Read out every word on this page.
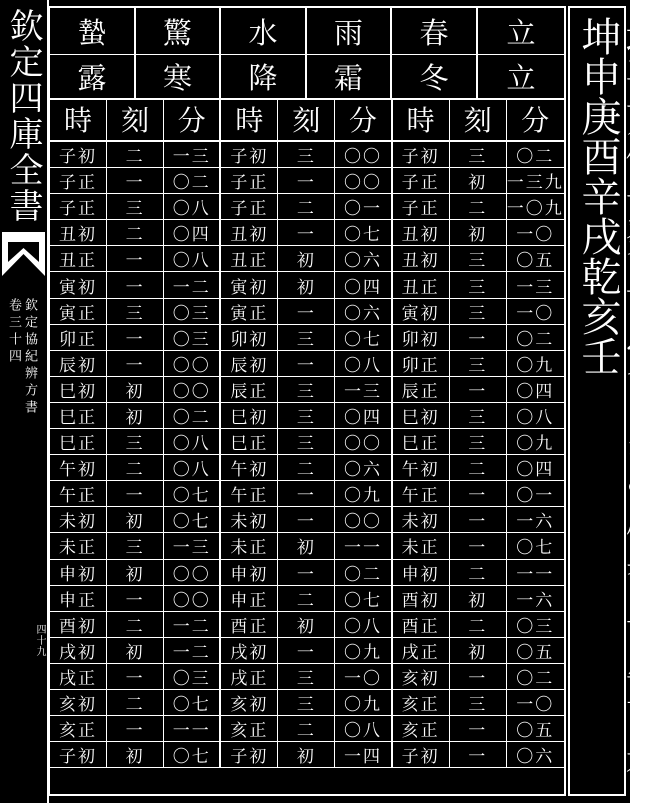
欽定四庫全書
欽定協紀辨方書
卷三十四
四十九
蟄	驚	水	雨	春	立
露	寒	降	霜	冬	立
時	刻	分	時	刻	分	時	刻	分
子初	二	一三	子初	三	〇〇	子初	三	〇二
子正	一	〇二	子正	一	〇〇	子正	初	一三九
子正	三	〇八	子正	二	〇一	子正	二	一〇九
丑初	二	〇四	丑初	一	〇七	丑初	初	一〇
丑正	一	〇八	丑正	初	〇六	丑初	三	〇五
寅初	一	一二	寅初	初	〇四	丑正	三	一三
寅正	三	〇三	寅正	一	〇六	寅初	三	一〇
卯正	一	〇三	卯初	三	〇七	卯初	一	〇二
辰初	一	〇〇	辰初	一	〇八	卯正	三	〇九
巳初	初	〇〇	辰正	三	一三	辰正	一	〇四
巳正	初	〇二	巳初	三	〇四	巳初	三	〇八
巳正	三	〇八	巳正	三	〇〇	巳正	三	〇九
午初	二	〇八	午初	二	〇六	午初	二	〇四
午正	一	〇七	午正	一	〇九	午正	一	〇一
未初	初	〇七	未初	一	〇〇	未初	一	一六
未正	三	一三	未正	初	一一	未正	一	〇七
申初	初	〇〇	申初	一	〇二	申初	二	一一
申正	一	〇〇	申正	二	〇七	酉初	初	一六
酉初	二	一二	酉正	初	〇八	酉正	二	〇三
戌初	初	一二	戌初	一	〇九	戌正	初	〇五
戌正	一	〇三	戌正	三	一〇	亥初	一	〇二
亥初	二	〇七	亥初	三	〇九	亥正	三	一〇
亥正	一	一一	亥正	二	〇八	亥正	一	〇五
子初	初	〇七	子初	初	一四	子初	一	〇六	地平方位子癸丑艮寅甲卯乙辰巽巳丙午丁未坤申庚酉辛戌乾亥壬
